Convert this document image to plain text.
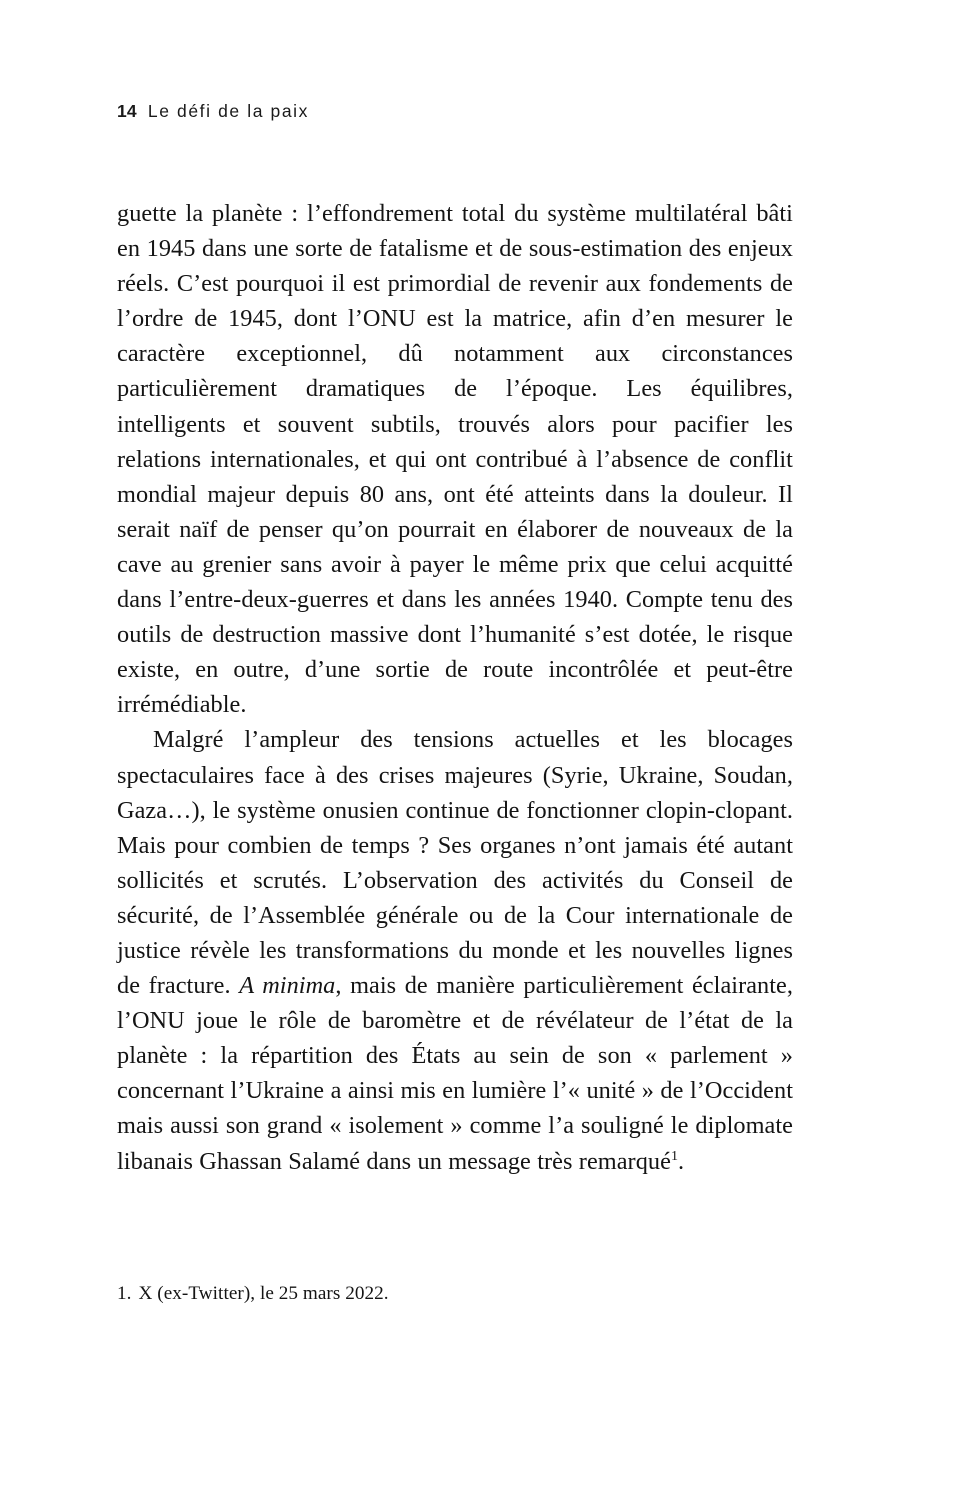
14 Le défi de la paix

guette la planète : l’effondrement total du système multilatéral bâti en 1945 dans une sorte de fatalisme et de sous-estimation des enjeux réels. C’est pourquoi il est primordial de revenir aux fondements de l’ordre de 1945, dont l’ONU est la matrice, afin d’en mesurer le caractère exceptionnel, dû notamment aux circonstances particulièrement dramatiques de l’époque. Les équilibres, intelligents et souvent subtils, trouvés alors pour pacifier les relations internationales, et qui ont contribué à l’absence de conflit mondial majeur depuis 80 ans, ont été atteints dans la douleur. Il serait naïf de penser qu’on pourrait en élaborer de nouveaux de la cave au grenier sans avoir à payer le même prix que celui acquitté dans l’entre-deux-guerres et dans les années 1940. Compte tenu des outils de destruction massive dont l’humanité s’est dotée, le risque existe, en outre, d’une sortie de route incontrôlée et peut-être irrémédiable.

Malgré l’ampleur des tensions actuelles et les blocages spectaculaires face à des crises majeures (Syrie, Ukraine, Soudan, Gaza…), le système onusien continue de fonctionner clopin-clopant. Mais pour combien de temps ? Ses organes n’ont jamais été autant sollicités et scrutés. L’observation des activités du Conseil de sécurité, de l’Assemblée générale ou de la Cour internationale de justice révèle les transformations du monde et les nouvelles lignes de fracture. A minima, mais de manière particulièrement éclairante, l’ONU joue le rôle de baromètre et de révélateur de l’état de la planète : la répartition des États au sein de son « parlement » concernant l’Ukraine a ainsi mis en lumière l’« unité » de l’Occident mais aussi son grand « isolement » comme l’a souligné le diplomate libanais Ghassan Salamé dans un message très remarqué$^1$.

1. X (ex-Twitter), le 25 mars 2022.
